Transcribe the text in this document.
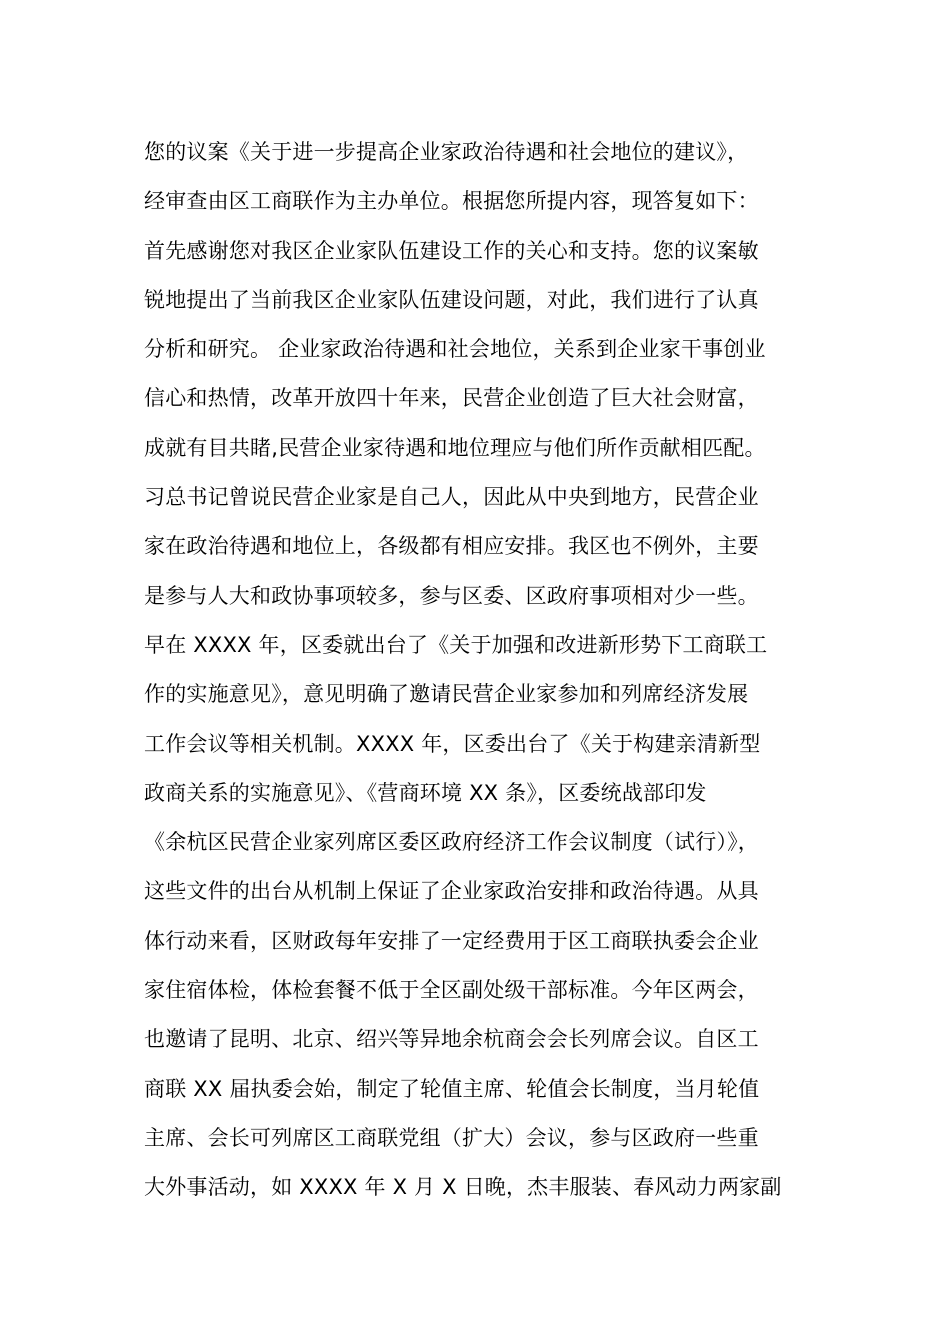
您的议案《关于进一步提高企业家政治待遇和社会地位的建议》，
经审查由区工商联作为主办单位。根据您所提内容，现答复如下：
首先感谢您对我区企业家队伍建设工作的关心和支持。您的议案敏
锐地提出了当前我区企业家队伍建设问题，对此，我们进行了认真
分析和研究。 企业家政治待遇和社会地位，关系到企业家干事创业
信心和热情，改革开放四十年来，民营企业创造了巨大社会财富，
成就有目共睹,民营企业家待遇和地位理应与他们所作贡献相匹配。
习总书记曾说民营企业家是自己人，因此从中央到地方，民营企业
家在政治待遇和地位上，各级都有相应安排。我区也不例外，主要
是参与人大和政协事项较多，参与区委、区政府事项相对少一些。
早在 XXXX 年，区委就出台了《关于加强和改进新形势下工商联工
作的实施意见》，意见明确了邀请民营企业家参加和列席经济发展
工作会议等相关机制。XXXX 年，区委出台了《关于构建亲清新型
政商关系的实施意见》、《营商环境 XX 条》，区委统战部印发
《余杭区民营企业家列席区委区政府经济工作会议制度（试行）》，
这些文件的出台从机制上保证了企业家政治安排和政治待遇。从具
体行动来看，区财政每年安排了一定经费用于区工商联执委会企业
家住宿体检，体检套餐不低于全区副处级干部标准。今年区两会，
也邀请了昆明、北京、绍兴等异地余杭商会会长列席会议。自区工
商联 XX 届执委会始，制定了轮值主席、轮值会长制度，当月轮值
主席、会长可列席区工商联党组（扩大）会议，参与区政府一些重
大外事活动，如 XXXX 年 X 月 X 日晚，杰丰服装、春风动力两家副
